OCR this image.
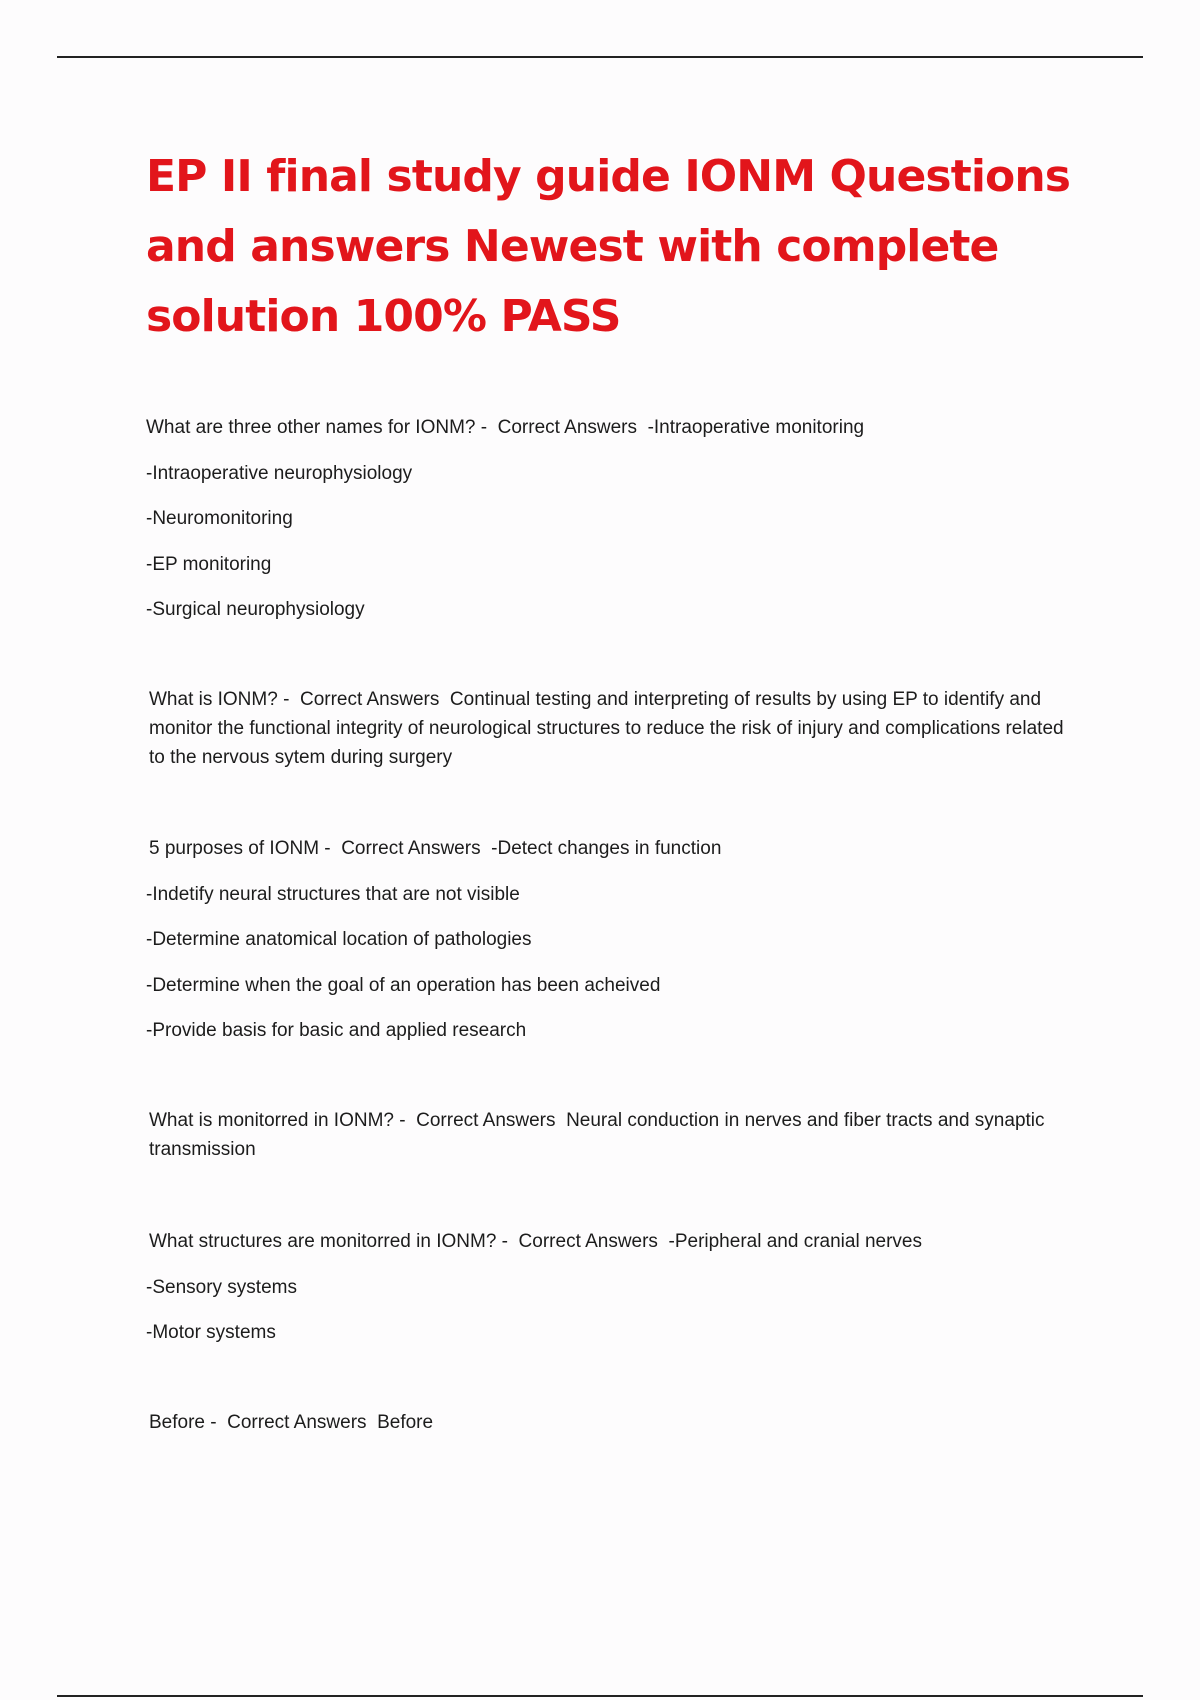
EP II final study guide IONM Questions and answers Newest with complete solution 100% PASS

What are three other names for IONM? -  Correct Answers  -Intraoperative monitoring

-Intraoperative neurophysiology

-Neuromonitoring

-EP monitoring

-Surgical neurophysiology

What is IONM? -  Correct Answers  Continual testing and interpreting of results by using EP to identify and monitor the functional integrity of neurological structures to reduce the risk of injury and complications related to the nervous sytem during surgery

5 purposes of IONM -  Correct Answers  -Detect changes in function

-Indetify neural structures that are not visible

-Determine anatomical location of pathologies

-Determine when the goal of an operation has been acheived

-Provide basis for basic and applied research

What is monitorred in IONM? -  Correct Answers  Neural conduction in nerves and fiber tracts and synaptic transmission

What structures are monitorred in IONM? -  Correct Answers  -Peripheral and cranial nerves

-Sensory systems

-Motor systems

Before -  Correct Answers  Before
